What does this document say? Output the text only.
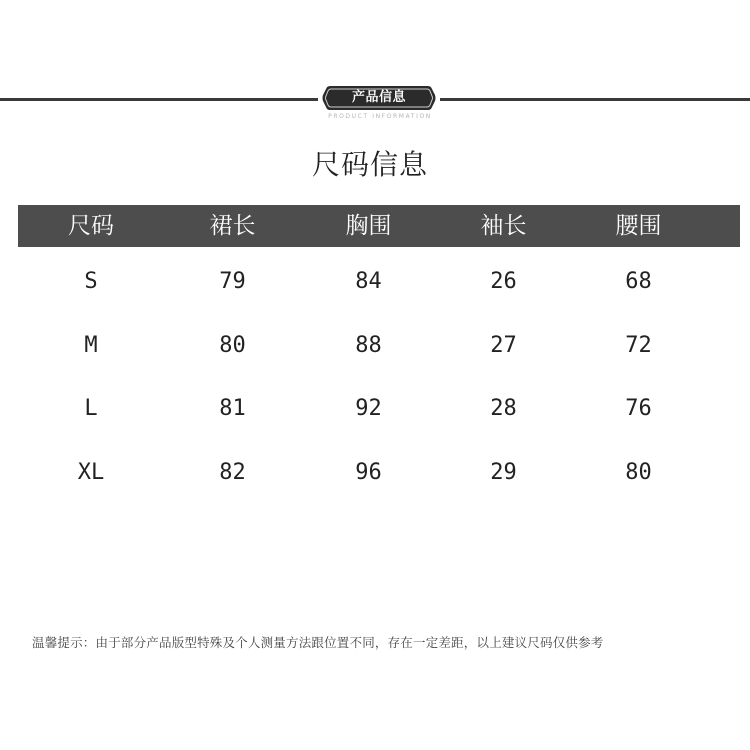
产品信息
PRODUCT INFORMATION
尺码信息
尺码	裙长	胸围	袖长	腰围
S	79	84	26	68
M	80	88	27	72
L	81	92	28	76
XL	82	96	29	80
温馨提示：由于部分产品版型特殊及个人测量方法跟位置不同，存在一定差距，以上建议尺码仅供参考
